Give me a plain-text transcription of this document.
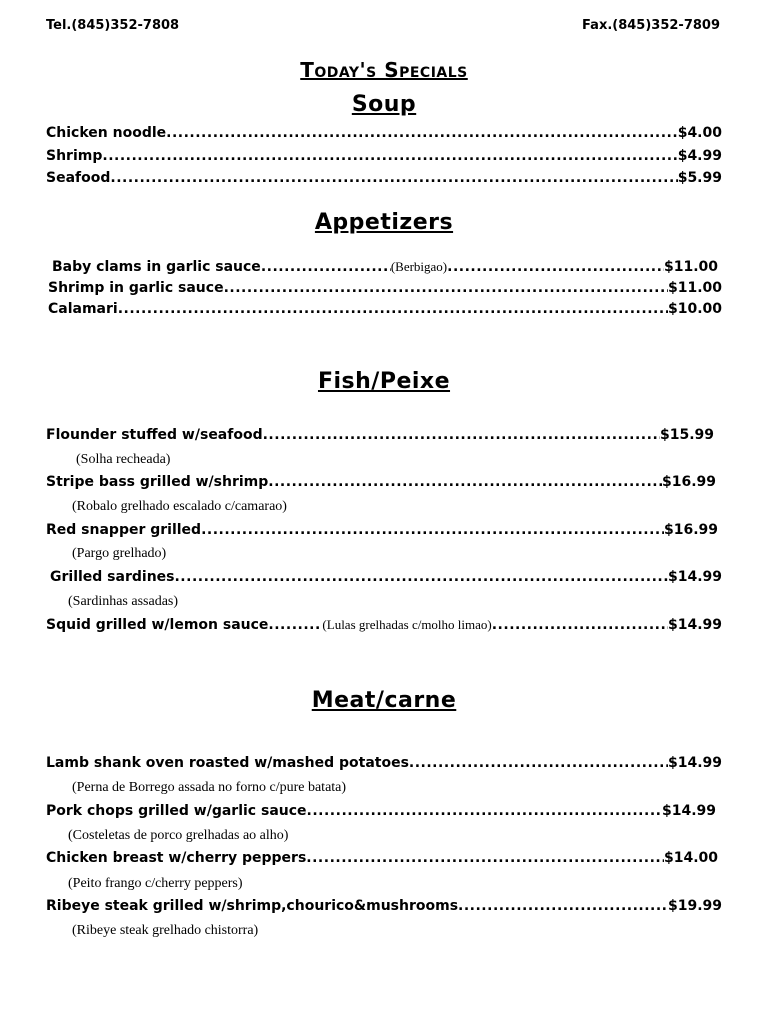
Tel.(845)352-7808	Fax.(845)352-7809
Today's Specials
Soup
Chicken noodle .....	$4.00
Shrimp .....	$4.99
Seafood .....	$5.99
Appetizers
Baby clams in garlic sauce .....	(Berbigao) .....	$11.00
Shrimp in garlic sauce .....	$11.00
Calamari .....	$10.00
Fish/Peixe
Flounder stuffed w/seafood .....	$15.99
(Solha recheada)
Stripe bass grilled w/shrimp .....	$16.99
(Robalo grelhado escalado c/camarao)
Red snapper grilled .....	$16.99
(Pargo grelhado)
Grilled sardines .....	$14.99
(Sardinhas assadas)
Squid grilled w/lemon sauce .....	(Lulas grelhadas c/molho limao) .....	$14.99
Meat/carne
Lamb shank oven roasted w/mashed potatoes .....	$14.99
(Perna de Borrego assada no forno c/pure batata)
Pork chops grilled w/garlic sauce .....	$14.99
(Costeletas de porco grelhadas ao alho)
Chicken breast w/cherry peppers .....	$14.00
(Peito frango c/cherry peppers)
Ribeye steak grilled w/shrimp,chourico&mushrooms .....	$19.99
(Ribeye steak grelhado chistorra)
